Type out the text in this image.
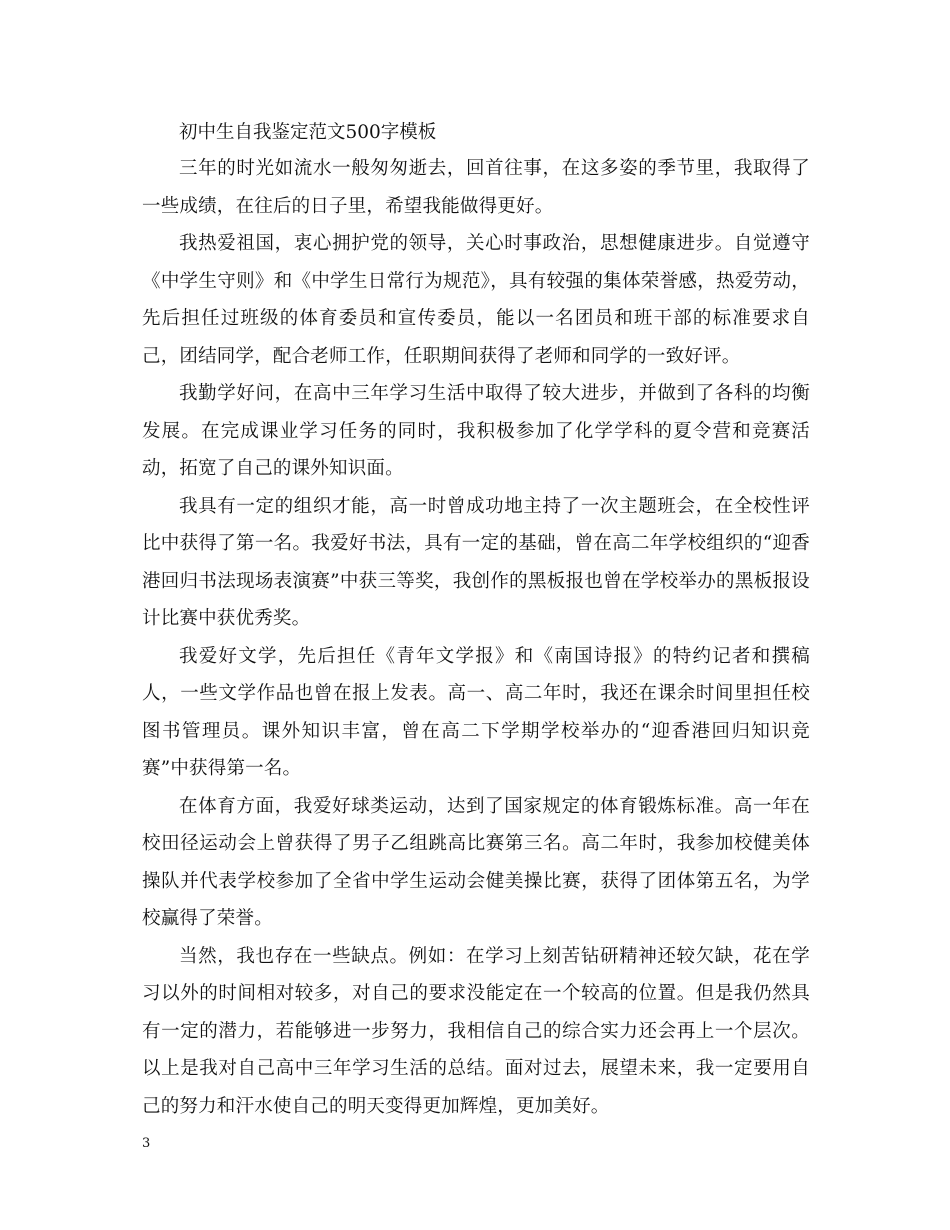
初中生自我鉴定范文500字模板

三年的时光如流水一般匆匆逝去，回首往事，在这多姿的季节里，我取得了一些成绩，在往后的日子里，希望我能做得更好。

我热爱祖国，衷心拥护党的领导，关心时事政治，思想健康进步。自觉遵守《中学生守则》和《中学生日常行为规范》，具有较强的集体荣誉感，热爱劳动，先后担任过班级的体育委员和宣传委员，能以一名团员和班干部的标准要求自己，团结同学，配合老师工作，任职期间获得了老师和同学的一致好评。

我勤学好问，在高中三年学习生活中取得了较大进步，并做到了各科的均衡发展。在完成课业学习任务的同时，我积极参加了化学学科的夏令营和竞赛活动，拓宽了自己的课外知识面。

我具有一定的组织才能，高一时曾成功地主持了一次主题班会，在全校性评比中获得了第一名。我爱好书法，具有一定的基础，曾在高二年学校组织的“迎香港回归书法现场表演赛”中获三等奖，我创作的黑板报也曾在学校举办的黑板报设计比赛中获优秀奖。

我爱好文学，先后担任《青年文学报》和《南国诗报》的特约记者和撰稿人，一些文学作品也曾在报上发表。高一、高二年时，我还在课余时间里担任校图书管理员。课外知识丰富，曾在高二下学期学校举办的“迎香港回归知识竞赛”中获得第一名。

在体育方面，我爱好球类运动，达到了国家规定的体育锻炼标准。高一年在校田径运动会上曾获得了男子乙组跳高比赛第三名。高二年时，我参加校健美体操队并代表学校参加了全省中学生运动会健美操比赛，获得了团体第五名，为学校赢得了荣誉。

当然，我也存在一些缺点。例如：在学习上刻苦钻研精神还较欠缺，花在学习以外的时间相对较多，对自己的要求没能定在一个较高的位置。但是我仍然具有一定的潜力，若能够进一步努力，我相信自己的综合实力还会再上一个层次。以上是我对自己高中三年学习生活的总结。面对过去，展望未来，我一定要用自己的努力和汗水使自己的明天变得更加辉煌，更加美好。

3
